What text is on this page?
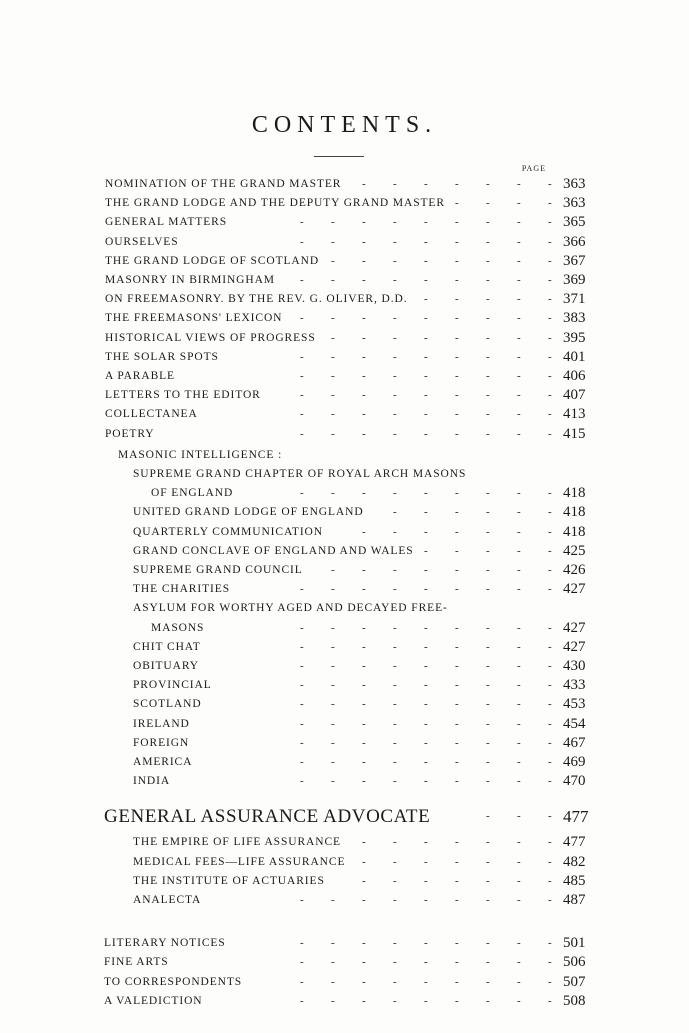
CONTENTS.
PAGE
NOMINATION OF THE GRAND MASTER - - - - - - - 363
THE GRAND LODGE AND THE DEPUTY GRAND MASTER - - - - 363
GENERAL MATTERS	- - - - - - - - - 365
OURSELVES	- - - - - - - - - 366
THE GRAND LODGE OF SCOTLAND - - - - - - - - 367
MASONRY IN BIRMINGHAM - - - - - - - - - 369
ON FREEMASONRY. BY THE REV. G. OLIVER, D.D. - - - - - 371
THE FREEMASONS' LEXICON - - - - - - - - - 383
HISTORICAL VIEWS OF PROGRESS - - - - - - - - 395
THE SOLAR SPOTS	- - - - - - - - - 401
A PARABLE	- - - - - - - - - 406
LETTERS TO THE EDITOR	- - - - - - - - - 407
COLLECTANEA	- - - - - - - - - 413
POETRY	- - - - - - - - - 415
MASONIC INTELLIGENCE :
SUPREME GRAND CHAPTER OF ROYAL ARCH MASONS
OF ENGLAND	- - - - - - - - - 418
UNITED GRAND LODGE OF ENGLAND	- - - - - - 418
QUARTERLY COMMUNICATION	- - - - - - - 418
GRAND CONCLAVE OF ENGLAND AND WALES - - - - - 425
SUPREME GRAND COUNCIL	- - - - - - - - 426
THE CHARITIES	- - - - - - - - - 427
ASYLUM FOR WORTHY AGED AND DECAYED FREE-
MASONS	- - - - - - - - - 427
CHIT CHAT	- - - - - - - - - 427
OBITUARY	- - - - - - - - - 430
PROVINCIAL	- - - - - - - - - 433
SCOTLAND	- - - - - - - - - 453
IRELAND	- - - - - - - - - 454
FOREIGN	- - - - - - - - - 467
AMERICA	- - - - - - - - - 469
INDIA	- - - - - - - - - 470
GENERAL ASSURANCE ADVOCATE	- - - 477
THE EMPIRE OF LIFE ASSURANCE - - - - - - - 477
MEDICAL FEES—LIFE ASSURANCE - - - - - - - 482
THE INSTITUTE OF ACTUARIES	- - - - - - - 485
ANALECTA	- - - - - - - - - 487
LITERARY NOTICES	- - - - - - - - - 501
FINE ARTS	- - - - - - - - - 506
TO CORRESPONDENTS	- - - - - - - - - 507
A VALEDICTION	- - - - - - - - - 508
